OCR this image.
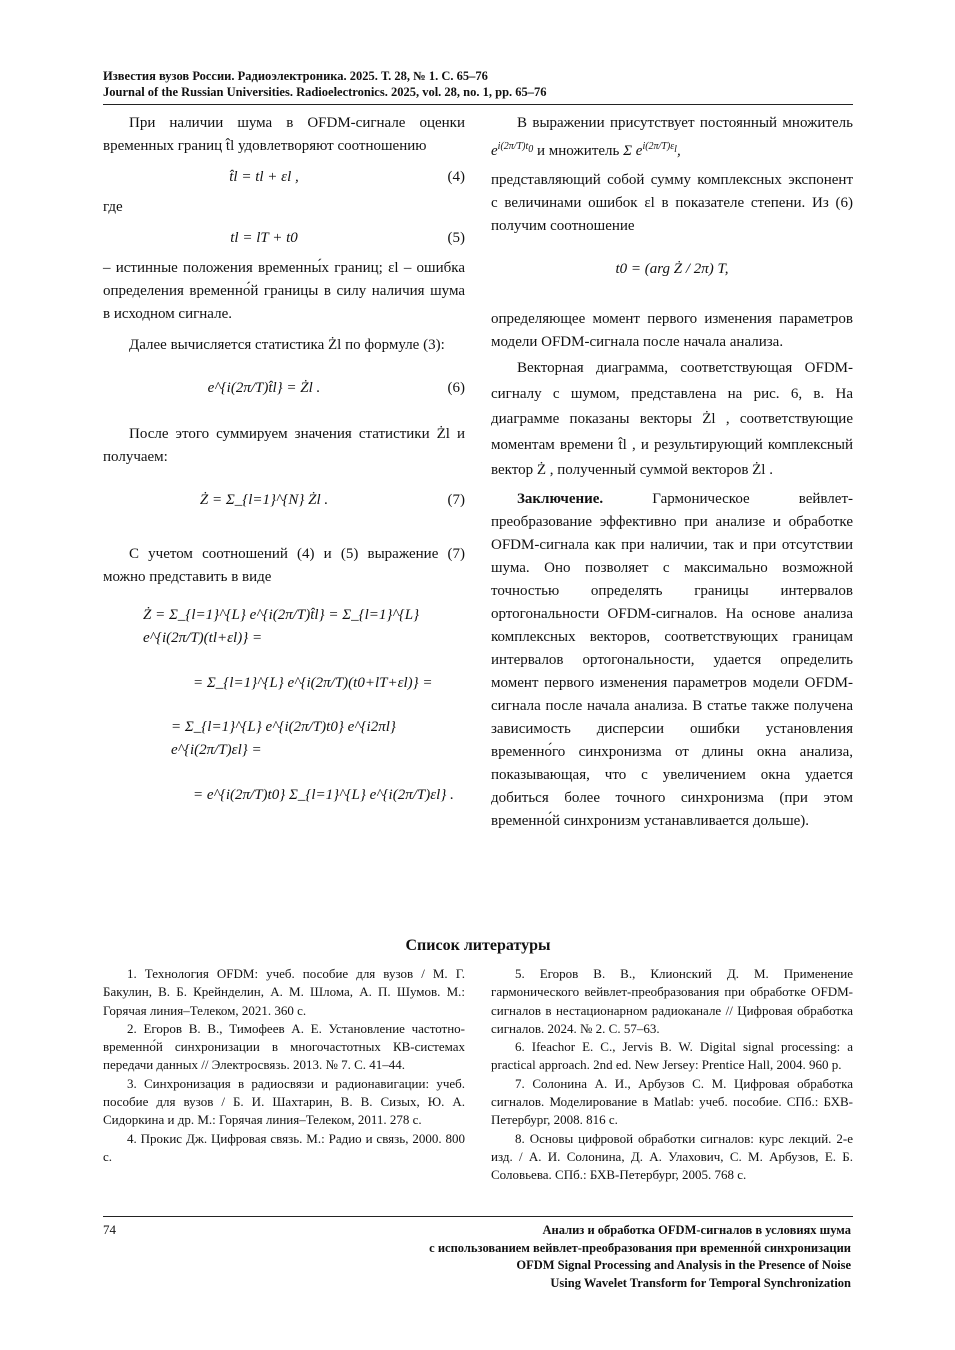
Известия вузов России. Радиоэлектроника. 2025. Т. 28, № 1. С. 65–76
Journal of the Russian Universities. Radioelectronics. 2025, vol. 28, no. 1, pp. 65–76

При наличии шума в OFDM-сигнале оценки временных границ t̂l удовлетворяют соотношению

t̂l = tl + εl ,	(4)

где

tl = lT + t0	(5)

– истинные положения временны́х границ; εl – ошибка определения временно́й границы в силу наличия шума в исходном сигнале.

Далее вычисляется статистика Żl по формуле (3):

e^{i(2π/T)t̂l} = Żl .	(6)

После этого суммируем значения статистики Żl и получаем:

Ż = Σ_{l=1}^{N} Żl .	(7)

С учетом соотношений (4) и (5) выражение (7) можно представить в виде

Ż = Σ_{l=1}^{L} e^{i(2π/T)t̂l} = Σ_{l=1}^{L} e^{i(2π/T)(tl+εl)} =
= Σ_{l=1}^{L} e^{i(2π/T)(t0+lT+εl)} =
= Σ_{l=1}^{L} e^{i(2π/T)t0} e^{i2πl} e^{i(2π/T)εl} =
= e^{i(2π/T)t0} Σ_{l=1}^{L} e^{i(2π/T)εl} .

В выражении присутствует постоянный множитель $e^{i(2\pi/T)t_0}$ и множитель Σ $e^{i(2\pi/T)\varepsilon_l}$,

представляющий собой сумму комплексных экспонент с величинами ошибок εl в показателе степени. Из (6) получим соотношение

t0 = (arg Ż / 2π) T,

определяющее момент первого изменения параметров модели OFDM-сигнала после начала анализа.

Векторная диаграмма, соответствующая OFDM-сигналу с шумом, представлена на рис. 6, в. На диаграмме показаны векторы Żl , соответствующие моментам времени t̂l , и результирующий комплексный вектор Ż , полученный суммой векторов Żl .

Заключение.	Гармоническое вейвлет-преобразование эффективно при анализе и обработке OFDM-сигнала как при наличии, так и при отсутствии шума. Оно позволяет с максимально возможной точностью определять границы интервалов ортогональности OFDM-сигналов. На основе анализа комплексных векторов, соответствующих границам интервалов ортогональности, удается определить момент первого изменения параметров модели OFDM-сигнала после начала анализа. В статье также получена зависимость дисперсии ошибки установления временно́го синхронизма от длины окна анализа, показывающая, что с увеличением окна удается добиться более точного синхронизма (при этом временно́й синхронизм устанавливается дольше).

Список литературы

1. Технология OFDM: учеб. пособие для вузов / М. Г. Бакулин, В. Б. Крейнделин, А. М. Шлома, А. П. Шумов. М.: Горячая линия–Телеком, 2021. 360 с.

2. Егоров В. В., Тимофеев А. Е. Установление частотно-временно́й синхронизации в многочастотных КВ-системах передачи данных // Электросвязь. 2013. № 7. С. 41–44.

3. Синхронизация в радиосвязи и радионавигации: учеб. пособие для вузов / Б. И. Шахтарин, В. В. Сизых, Ю. А. Сидоркина и др. М.: Горячая линия–Телеком, 2011. 278 с.

4. Прокис Дж. Цифровая связь. М.: Радио и связь, 2000. 800 с.

5. Егоров В. В., Клионский Д. М. Применение гармонического вейвлет-преобразования при обработке OFDM-сигналов в нестационарном радиоканале // Цифровая обработка сигналов. 2024. № 2. С. 57–63.

6. Ifeachor E. C., Jervis B. W. Digital signal processing: a practical approach. 2nd ed. New Jersey: Prentice Hall, 2004. 960 p.

7. Солонина А. И., Арбузов С. М. Цифровая обработка сигналов. Моделирование в Matlab: учеб. пособие. СПб.: БХВ-Петербург, 2008. 816 с.

8. Основы цифровой обработки сигналов: курс лекций. 2-е изд. / А. И. Солонина, Д. А. Улахович, С. М. Арбузов, Е. Б. Соловьева. СПб.: БХВ-Петербург, 2005. 768 с.

74	Анализ и обработка OFDM-сигналов в условиях шума
с использованием вейвлет-преобразования при временно́й синхронизации
OFDM Signal Processing and Analysis in the Presence of Noise
Using Wavelet Transform for Temporal Synchronization
